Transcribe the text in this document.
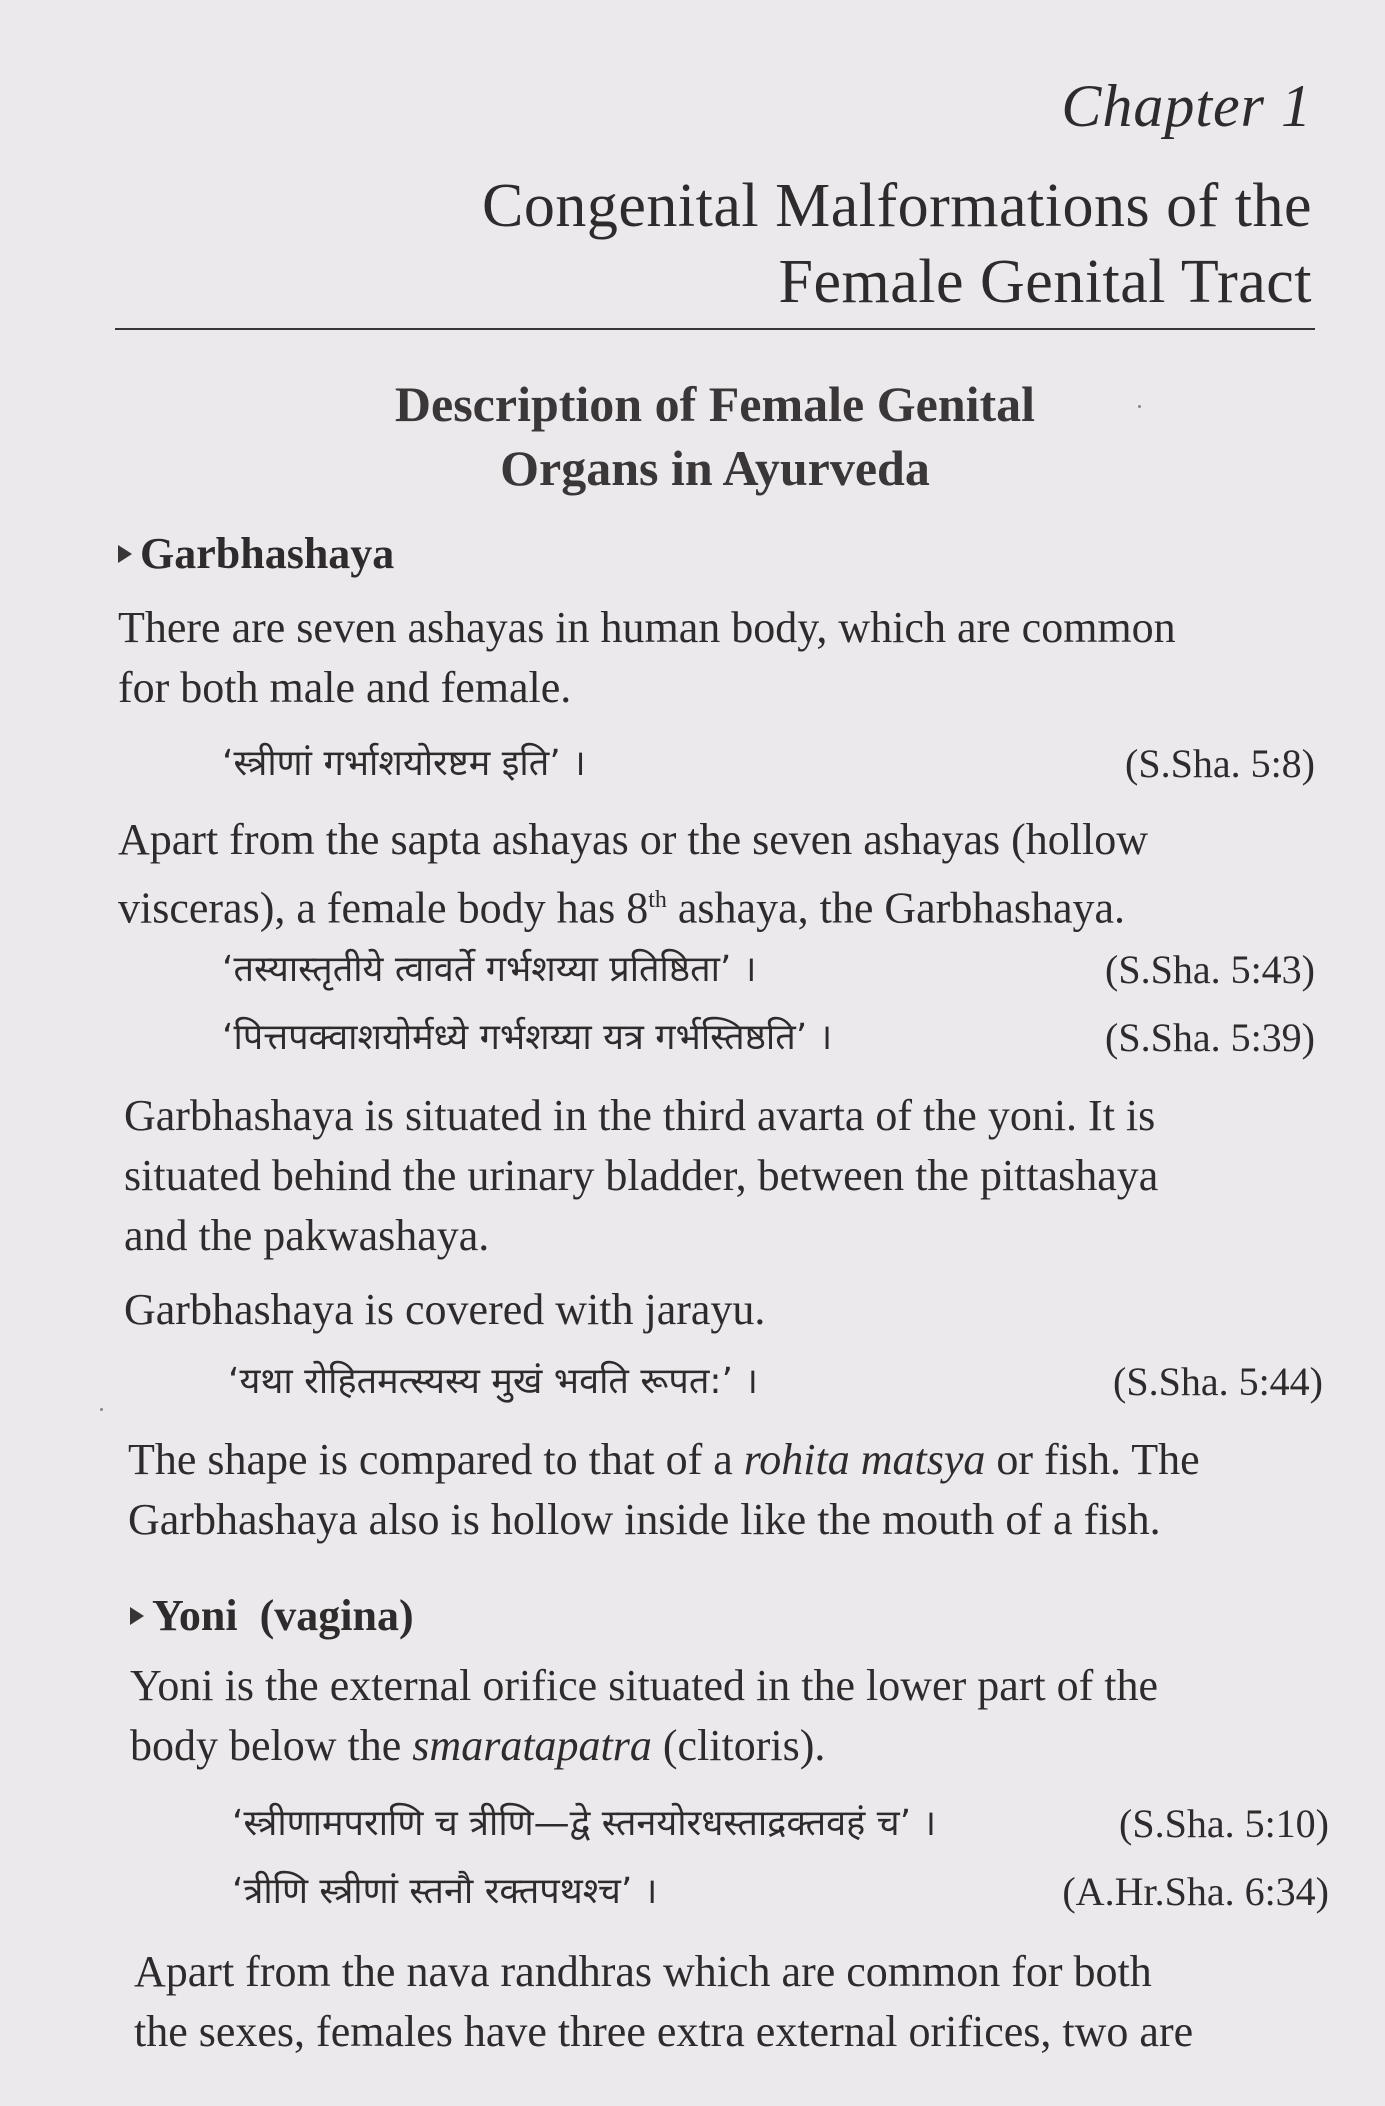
Chapter 1
Congenital Malformations of the
Female Genital Tract
Description of Female Genital
Organs in Ayurveda
Garbhashaya
There are seven ashayas in human body, which are common
for both male and female.
‘स्त्रीणां गर्भाशयोरष्टम इति’ ।	(S.Sha. 5:8)
Apart from the sapta ashayas or the seven ashayas (hollow
visceras), a female body has 8th ashaya, the Garbhashaya.
‘तस्यास्तृतीये त्वावर्ते गर्भशय्या प्रतिष्ठिता’ ।	(S.Sha. 5:43)
‘पित्तपक्वाशयोर्मध्ये गर्भशय्या यत्र गर्भस्तिष्ठति’ ।	(S.Sha. 5:39)
Garbhashaya is situated in the third avarta of the yoni. It is
situated behind the urinary bladder, between the pittashaya
and the pakwashaya.
Garbhashaya is covered with jarayu.
‘यथा रोहितमत्स्यस्य मुखं भवति रूपत:’ ।	(S.Sha. 5:44)
The shape is compared to that of a rohita matsya or fish. The
Garbhashaya also is hollow inside like the mouth of a fish.
Yoni  (vagina)
Yoni is the external orifice situated in the lower part of the
body below the smaratapatra (clitoris).
‘स्त्रीणामपराणि च त्रीणि—द्वे स्तनयोरधस्ताद्रक्तवहं च’ ।	(S.Sha. 5:10)
‘त्रीणि स्त्रीणां स्तनौ रक्तपथश्च’ ।	(A.Hr.Sha. 6:34)
Apart from the nava randhras which are common for both
the sexes, females have three extra external orifices, two are
